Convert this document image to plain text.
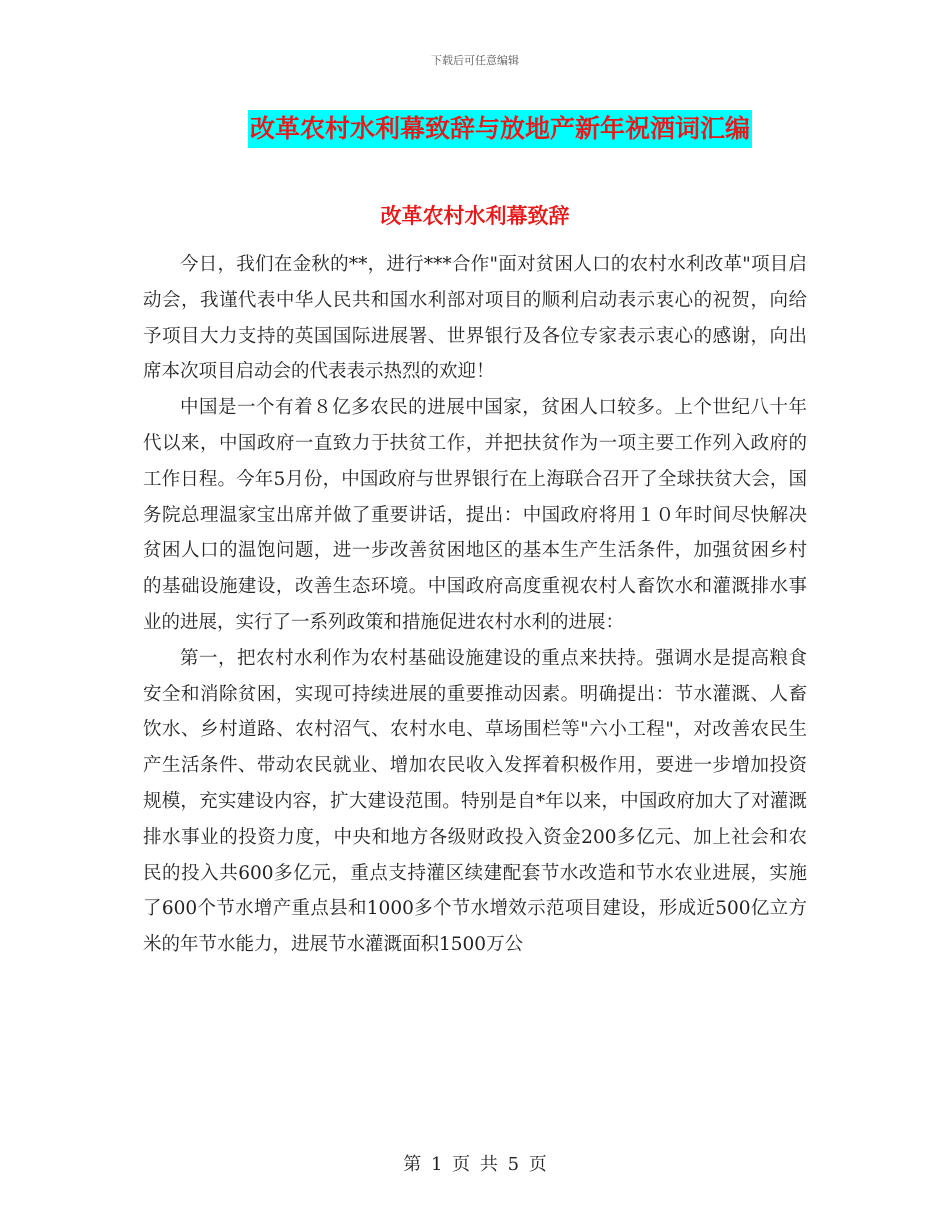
下载后可任意编辑
改革农村水利幕致辞与放地产新年祝酒词汇编
改革农村水利幕致辞

今日，我们在金秋的**，进行***合作"面对贫困人口的农村水利改革"项目启动会，我谨代表中华人民共和国水利部对项目的顺利启动表示衷心的祝贺，向给予项目大力支持的英国国际进展署、世界银行及各位专家表示衷心的感谢，向出席本次项目启动会的代表表示热烈的欢迎！

中国是一个有着８亿多农民的进展中国家，贫困人口较多。上个世纪八十年代以来，中国政府一直致力于扶贫工作，并把扶贫作为一项主要工作列入政府的工作日程。今年5月份，中国政府与世界银行在上海联合召开了全球扶贫大会，国务院总理温家宝出席并做了重要讲话，提出：中国政府将用１０年时间尽快解决贫困人口的温饱问题，进一步改善贫困地区的基本生产生活条件，加强贫困乡村的基础设施建设，改善生态环境。中国政府高度重视农村人畜饮水和灌溉排水事业的进展，实行了一系列政策和措施促进农村水利的进展：

第一，把农村水利作为农村基础设施建设的重点来扶持。强调水是提高粮食安全和消除贫困，实现可持续进展的重要推动因素。明确提出：节水灌溉、人畜饮水、乡村道路、农村沼气、农村水电、草场围栏等"六小工程"，对改善农民生产生活条件、带动农民就业、增加农民收入发挥着积极作用，要进一步增加投资规模，充实建设内容，扩大建设范围。特别是自*年以来，中国政府加大了对灌溉排水事业的投资力度，中央和地方各级财政投入资金200多亿元、加上社会和农民的投入共600多亿元，重点支持灌区续建配套节水改造和节水农业进展，实施了600个节水增产重点县和1000多个节水增效示范项目建设，形成近500亿立方米的年节水能力，进展节水灌溉面积1500万公

第 1 页 共 5 页
